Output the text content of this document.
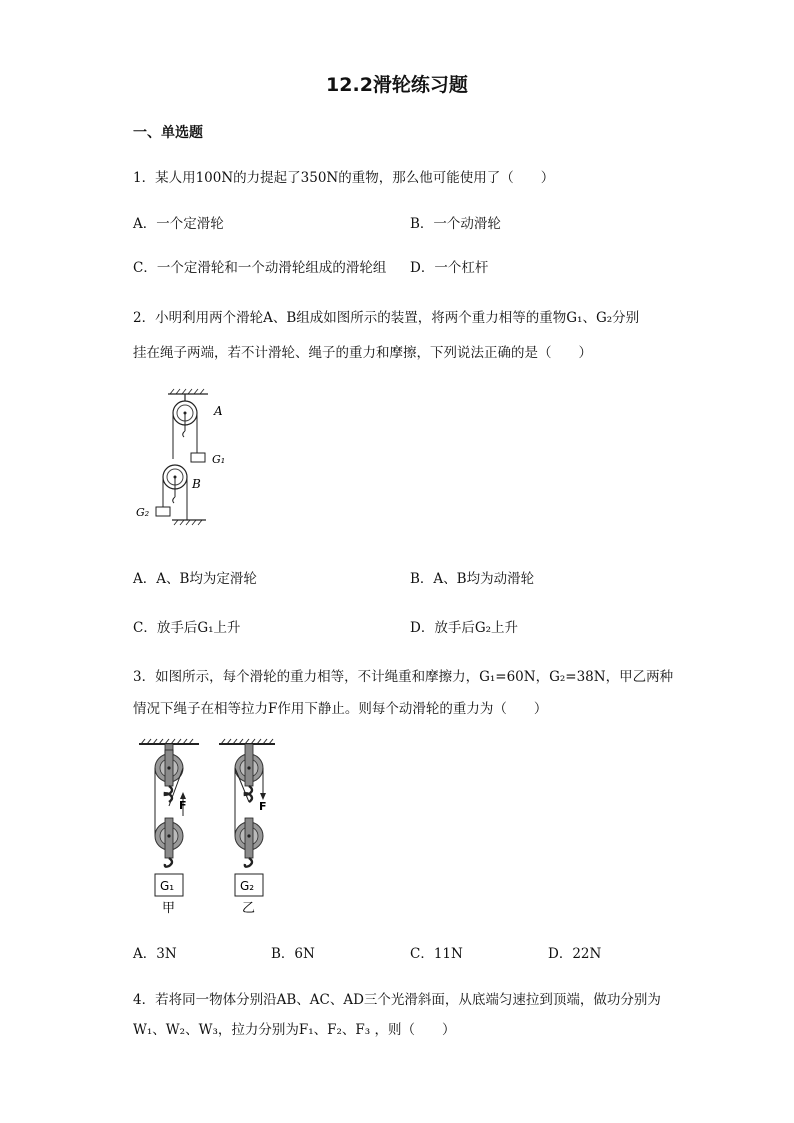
12.2滑轮练习题
一、单选题
1．某人用100N的力提起了350N的重物，那么他可能使用了（　　）
A．一个定滑轮	B．一个动滑轮
C．一个定滑轮和一个动滑轮组成的滑轮组 D．一个杠杆
2．小明利用两个滑轮A、B组成如图所示的装置，将两个重力相等的重物G₁、G₂分别
挂在绳子两端，若不计滑轮、绳子的重力和摩擦，下列说法正确的是（　　）
G₁
G₂
A
B
A．A、B均为定滑轮	B．A、B均为动滑轮
C．放手后G₁上升	D．放手后G₂上升
3．如图所示，每个滑轮的重力相等，不计绳重和摩擦力，G₁=60N，G₂=38N，甲乙两种
情况下绳子在相等拉力F作用下静止。则每个动滑轮的重力为（　　）
F
G₁
甲
F
G₂
乙
A．3N	B．6N	C．11N	D．22N
4．若将同一物体分别沿AB、AC、AD三个光滑斜面，从底端匀速拉到顶端，做功分别为
W₁、W₂、W₃，拉力分别为F₁、F₂、F₃ ，则（　　）
